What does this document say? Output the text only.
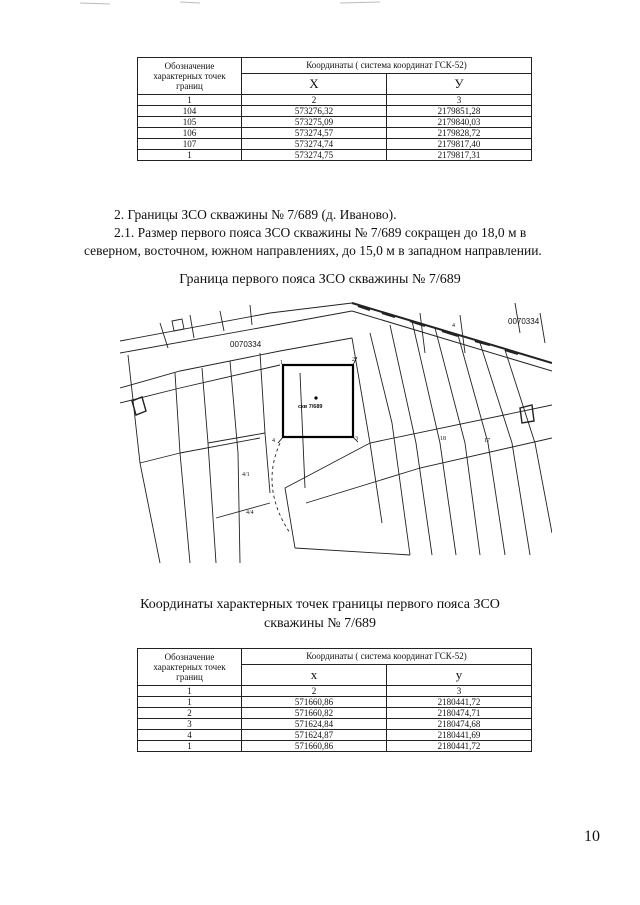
Обозначение характерных точек границ	Координаты ( система координат ГСК-52)	
	X	У
1	2	3
104	573276,32	2179851,28
105	573275,09	2179840,03
106	573274,57	2179828,72
107	573274,74	2179817,40
1	573274,75	2179817,31
2. Границы ЗСО скважины № 7/689 (д. Иваново).
2.1. Размер первого пояса ЗСО скважины № 7/689 сокращен до 18,0 м в
северном, восточном, южном направлениях, до 15,0 м в западном направлении.
Граница первого пояса ЗСО скважины № 7/689
0070334
0070334
скв 7/689
1	2
3
4
4/1
4/4
4
18	17
Координаты характерных точек границы первого пояса ЗСО
скважины № 7/689
Обозначение характерных точек границ	Координаты ( система координат ГСК-52)	
	х	у
1	2	3
1	571660,86	2180441,72
2	571660,82	2180474,71
3	571624,84	2180474,68
4	571624,87	2180441,69
1	571660,86	2180441,72
10
